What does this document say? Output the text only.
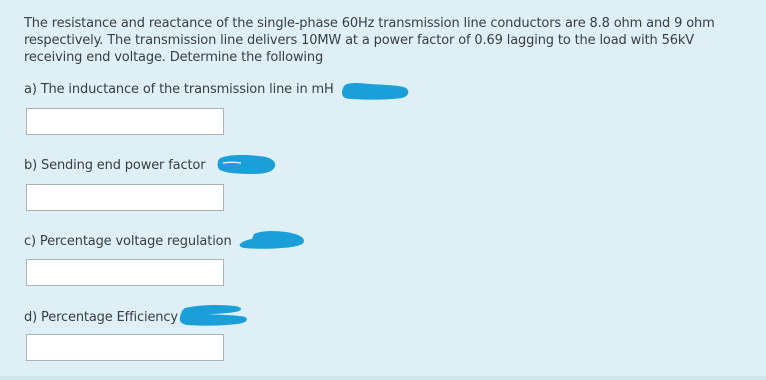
The resistance and reactance of the single-phase 60Hz transmission line conductors are 8.8 ohm and 9 ohm
respectively. The transmission line delivers 10MW at a power factor of 0.69 lagging to the load with 56kV
receiving end voltage. Determine the following
a) The inductance of the transmission line in mH
b) Sending end power factor
c) Percentage voltage regulation
d) Percentage Efficiency
